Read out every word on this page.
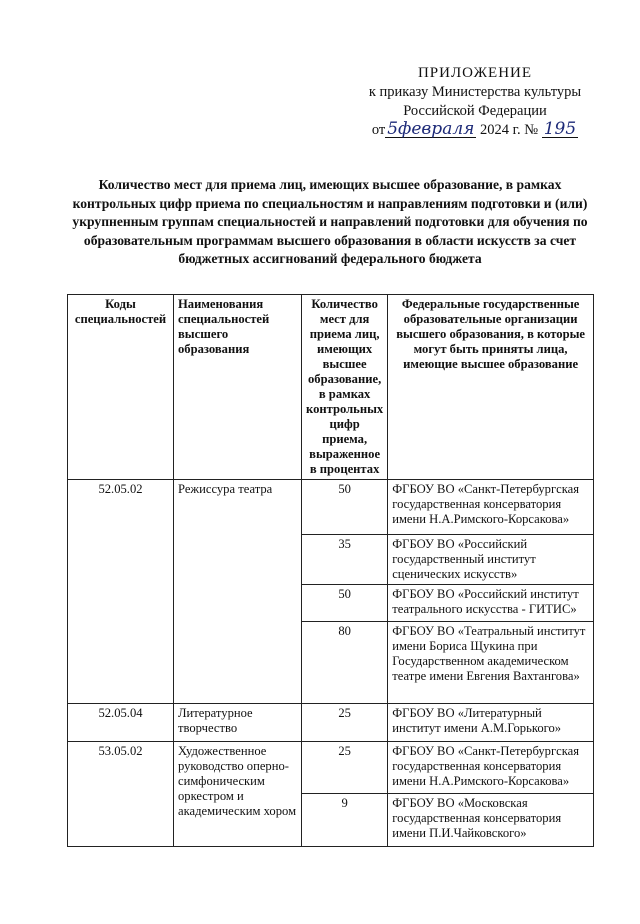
ПРИЛОЖЕНИЕ
к приказу Министерства культуры
Российской Федерации
от 5февраля 2024 г. № 195
Количество мест для приема лиц, имеющих высшее образование, в рамках контрольных цифр приема по специальностям и направлениям подготовки и (или) укрупненным группам специальностей и направлений подготовки для обучения по образовательным программам высшего образования в области искусств за счет бюджетных ассигнований федерального бюджета
Коды специальностей	Наименования специальностей высшего образования	Количество мест для приема лиц, имеющих высшее образование, в рамках контрольных цифр приема, выраженное в процентах	Федеральные государственные образовательные организации высшего образования, в которые могут быть приняты лица, имеющие высшее образование
52.05.02	Режиссура театра	50	ФГБОУ ВО «Санкт-Петербургская государственная консерватория имени Н.А.Римского-Корсакова»
		35	ФГБОУ ВО «Российский государственный институт сценических искусств»
		50	ФГБОУ ВО «Российский институт театрального искусства - ГИТИС»
		80	ФГБОУ ВО «Театральный институт имени Бориса Щукина при Государственном академическом театре имени Евгения Вахтангова»
52.05.04	Литературное творчество	25	ФГБОУ ВО «Литературный институт имени А.М.Горького»
53.05.02	Художественное руководство оперно-симфоническим оркестром и академическим хором	25	ФГБОУ ВО «Санкт-Петербургская государственная консерватория имени Н.А.Римского-Корсакова»
		9	ФГБОУ ВО «Московская государственная консерватория имени П.И.Чайковского»
